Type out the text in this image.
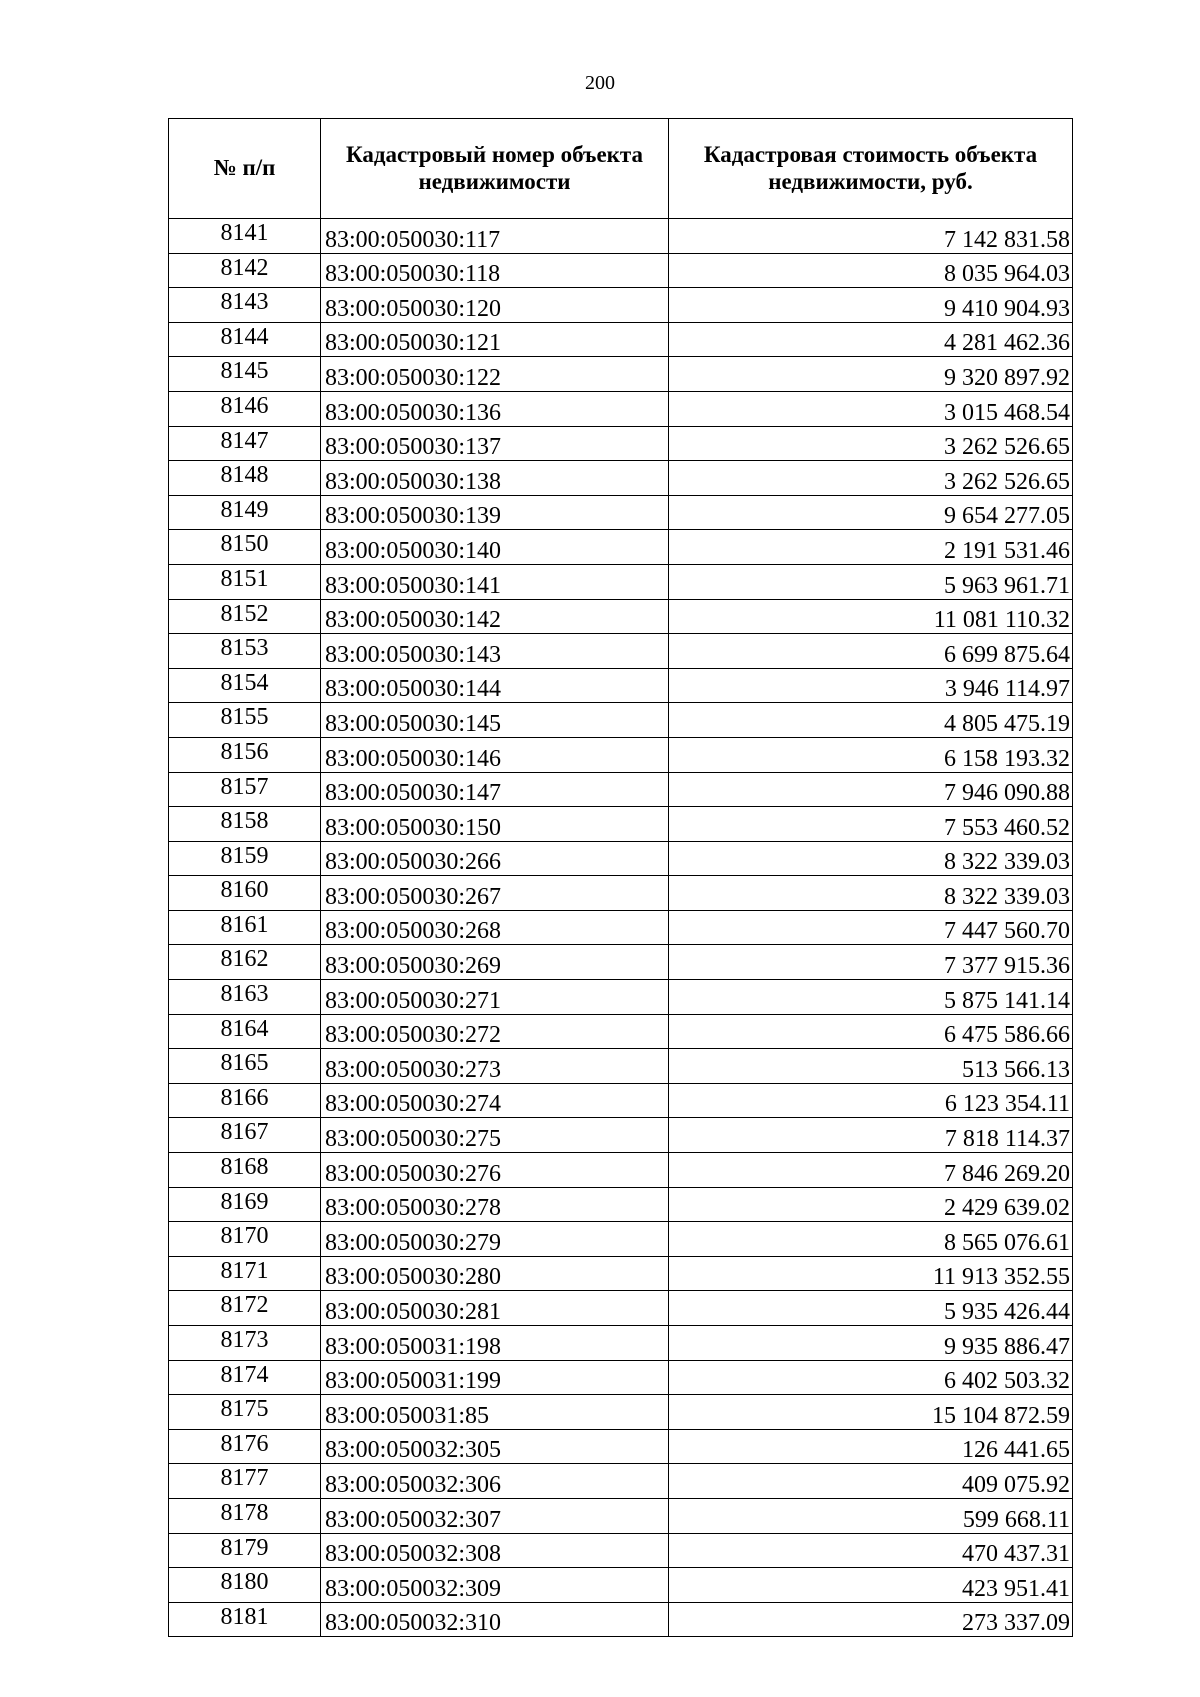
200
№ п/п	Кадастровый номер объекта недвижимости	Кадастровая стоимость объекта недвижимости, руб.
8141	83:00:050030:117	7 142 831.58
8142	83:00:050030:118	8 035 964.03
8143	83:00:050030:120	9 410 904.93
8144	83:00:050030:121	4 281 462.36
8145	83:00:050030:122	9 320 897.92
8146	83:00:050030:136	3 015 468.54
8147	83:00:050030:137	3 262 526.65
8148	83:00:050030:138	3 262 526.65
8149	83:00:050030:139	9 654 277.05
8150	83:00:050030:140	2 191 531.46
8151	83:00:050030:141	5 963 961.71
8152	83:00:050030:142	11 081 110.32
8153	83:00:050030:143	6 699 875.64
8154	83:00:050030:144	3 946 114.97
8155	83:00:050030:145	4 805 475.19
8156	83:00:050030:146	6 158 193.32
8157	83:00:050030:147	7 946 090.88
8158	83:00:050030:150	7 553 460.52
8159	83:00:050030:266	8 322 339.03
8160	83:00:050030:267	8 322 339.03
8161	83:00:050030:268	7 447 560.70
8162	83:00:050030:269	7 377 915.36
8163	83:00:050030:271	5 875 141.14
8164	83:00:050030:272	6 475 586.66
8165	83:00:050030:273	513 566.13
8166	83:00:050030:274	6 123 354.11
8167	83:00:050030:275	7 818 114.37
8168	83:00:050030:276	7 846 269.20
8169	83:00:050030:278	2 429 639.02
8170	83:00:050030:279	8 565 076.61
8171	83:00:050030:280	11 913 352.55
8172	83:00:050030:281	5 935 426.44
8173	83:00:050031:198	9 935 886.47
8174	83:00:050031:199	6 402 503.32
8175	83:00:050031:85	15 104 872.59
8176	83:00:050032:305	126 441.65
8177	83:00:050032:306	409 075.92
8178	83:00:050032:307	599 668.11
8179	83:00:050032:308	470 437.31
8180	83:00:050032:309	423 951.41
8181	83:00:050032:310	273 337.09
